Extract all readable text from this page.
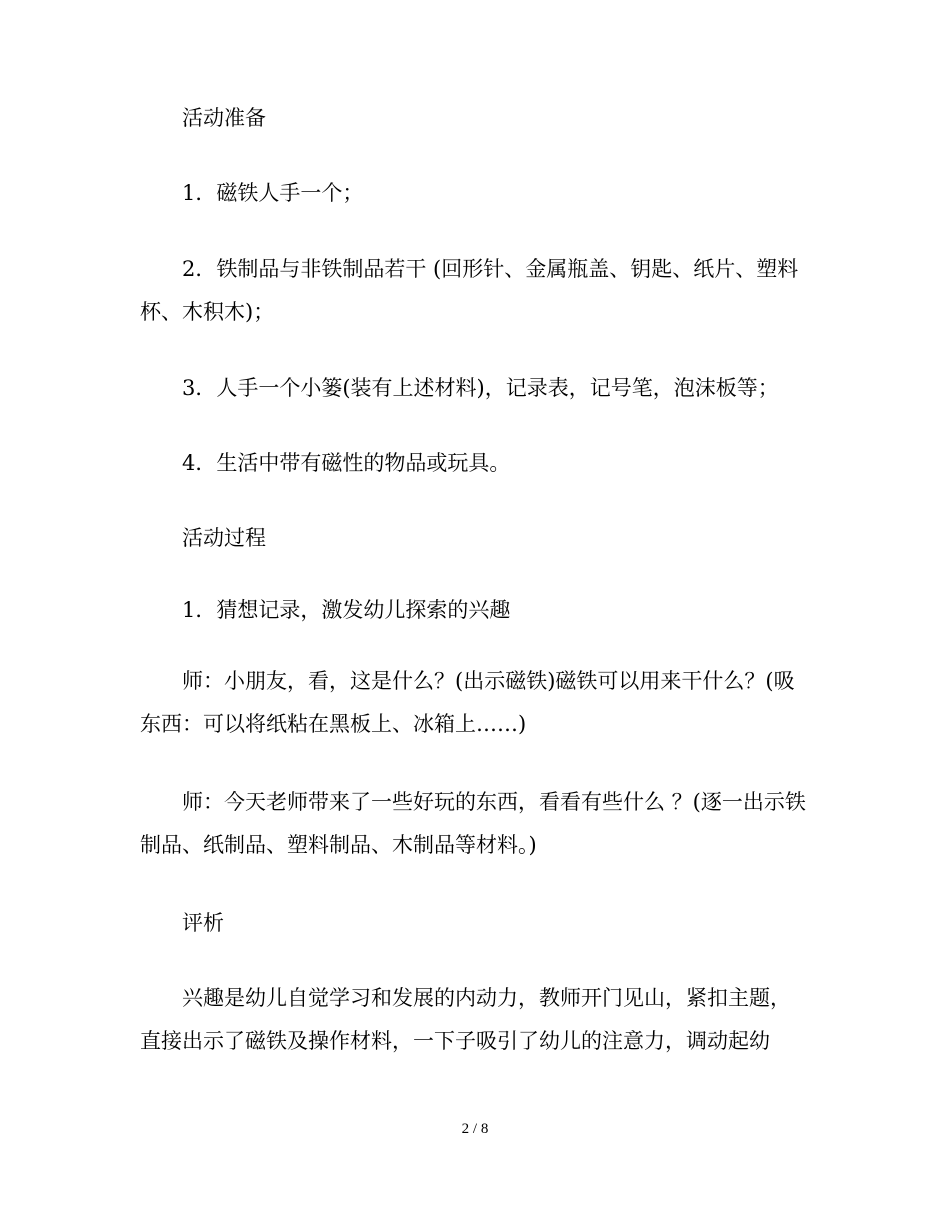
活动准备

1．磁铁人手一个；

2．铁制品与非铁制品若干 (回形针、金属瓶盖、钥匙、纸片、塑料杯、木积木)；

3．人手一个小篓(装有上述材料)，记录表，记号笔，泡沫板等；

4．生活中带有磁性的物品或玩具。

活动过程

1．猜想记录，激发幼儿探索的兴趣

师：小朋友，看，这是什么？(出示磁铁)磁铁可以用来干什么？(吸东西：可以将纸粘在黑板上、冰箱上……)

师：今天老师带来了一些好玩的东西，看看有些什么 ？(逐一出示铁制品、纸制品、塑料制品、木制品等材料。)

评析

兴趣是幼儿自觉学习和发展的内动力，教师开门见山，紧扣主题，直接出示了磁铁及操作材料，一下子吸引了幼儿的注意力，调动起幼

2 / 8
